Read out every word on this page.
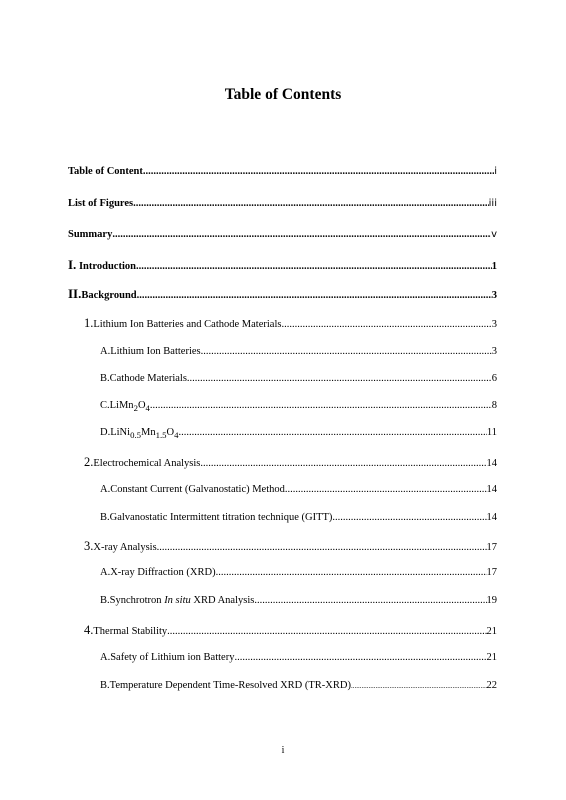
Table of Contents
Table of Content .....	i
List of Figures .....	iii
Summary .....	v
I. Introduction .....	1
II. Background .....	3
1. Lithium Ion Batteries and Cathode Materials .....	3
A. Lithium Ion Batteries .....	3
B. Cathode Materials .....	6
C. $LiMn_2O_4$ .....	8
D. $LiNi_{0.5}Mn_{1.5}O_4$ .....	11
2. Electrochemical Analysis .....	14
A. Constant Current (Galvanostatic) Method .....	14
B. Galvanostatic Intermittent titration technique (GITT) .....	14
3. X-ray Analysis .....	17
A. X-ray Diffraction (XRD) .....	17
B. Synchrotron In situ XRD Analysis .....	19
4. Thermal Stability .....	21
A. Safety of Lithium ion Battery .....	21
B. Temperature Dependent Time-Resolved XRD (TR-XRD) .....	22
i
